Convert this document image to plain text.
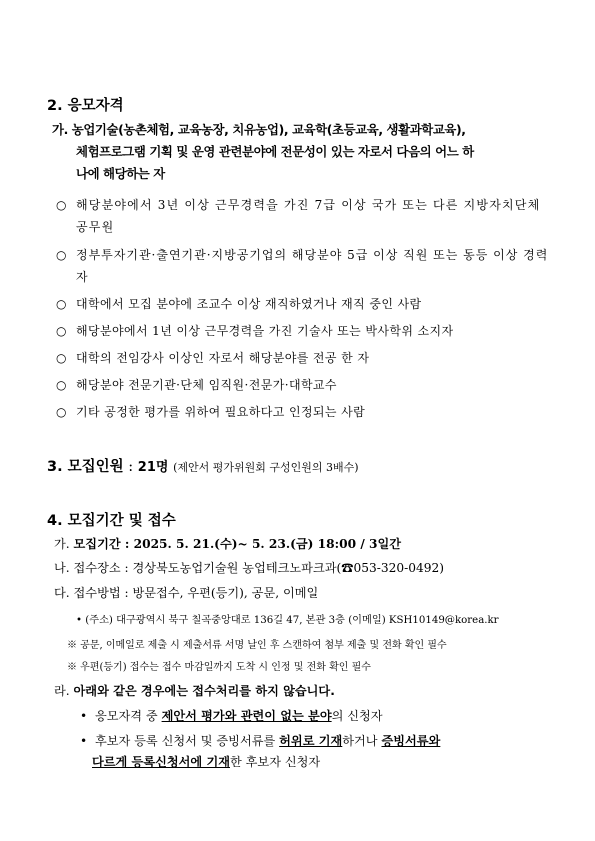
2. 응모자격
가. 농업기술(농촌체험, 교육농장, 치유농업), 교육학(초등교육, 생활과학교육),
체험프로그램 기획 및 운영 관련분야에 전문성이 있는 자로서 다음의 어느 하
나에 해당하는 자
○ 해당분야에서 3년 이상 근무경력을 가진 7급 이상 국가 또는 다른 지방자치단체 공무원
○ 정부투자기관·출연기관·지방공기업의 해당분야 5급 이상 직원 또는 동등 이상 경력자
○ 대학에서 모집 분야에 조교수 이상 재직하였거나 재직 중인 사람
○ 해당분야에서 1년 이상 근무경력을 가진 기술사 또는 박사학위 소지자
○ 대학의 전임강사 이상인 자로서 해당분야를 전공 한 자
○ 해당분야 전문기관·단체 임직원·전문가·대학교수
○ 기타 공정한 평가를 위하여 필요하다고 인정되는 사람
3. 모집인원 : 21명 (제안서 평가위원회 구성인원의 3배수)
4. 모집기간 및 접수
가. 모집기간 : 2025. 5. 21.(수)~ 5. 23.(금) 18:00 / 3일간
나. 접수장소 : 경상북도농업기술원 농업테크노파크과(☎053-320-0492)
다. 접수방법 : 방문접수, 우편(등기), 공문, 이메일
• (주소) 대구광역시 북구 칠곡중앙대로 136길 47, 본관 3층 (이메일) KSH10149@korea.kr
※ 공문, 이메일로 제출 시 제출서류 서명 날인 후 스캔하여 첨부 제출 및 전화 확인 필수
※ 우편(등기) 접수는 접수 마감일까지 도착 시 인정 및 전화 확인 필수
라. 아래와 같은 경우에는 접수처리를 하지 않습니다.
• 응모자격 중 제안서 평가와 관련이 없는 분야의 신청자
• 후보자 등록 신청서 및 증빙서류를 허위로 기재하거나 증빙서류와
다르게 등록신청서에 기재한 후보자 신청자
